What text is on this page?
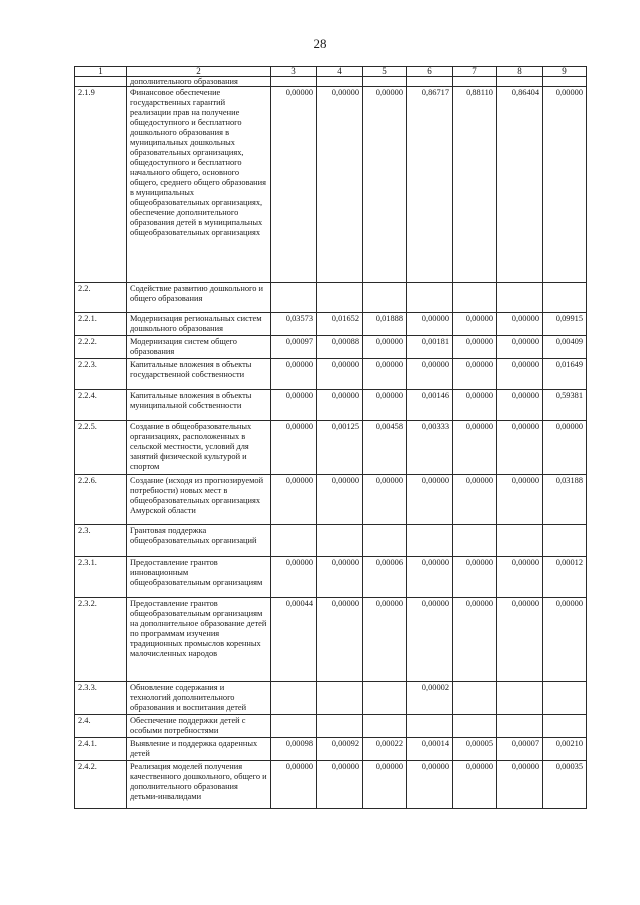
28
1	2	3	4	5	6	7	8	9
	дополнительного образования							
2.1.9	Финансовое обеспечение государственных гарантий реализации прав на получение общедоступного и бесплатного дошкольного образования в муниципальных дошкольных образовательных организациях, общедоступного и бесплатного начального общего, основного общего, среднего общего образования в муниципальных общеобразовательных организациях, обеспечение дополнительного образования детей в муниципальных общеобразовательных организациях	0,00000	0,00000	0,00000	0,86717	0,88110	0,86404	0,00000
2.2.	Содействие развитию дошкольного и общего образования							
2.2.1.	Модернизация региональных систем дошкольного образования	0,03573	0,01652	0,01888	0,00000	0,00000	0,00000	0,09915
2.2.2.	Модернизация систем общего образования	0,00097	0,00088	0,00000	0,00181	0,00000	0,00000	0,00409
2.2.3.	Капитальные вложения в объекты государственной собственности	0,00000	0,00000	0,00000	0,00000	0,00000	0,00000	0,01649
2.2.4.	Капитальные вложения в объекты муниципальной собственности	0,00000	0,00000	0,00000	0,00146	0,00000	0,00000	0,59381
2.2.5.	Создание в общеобразовательных организациях, расположенных в сельской местности, условий для занятий физической культурой и спортом	0,00000	0,00125	0,00458	0,00333	0,00000	0,00000	0,00000
2.2.6.	Создание (исходя из прогнозируемой потребности) новых мест в общеобразовательных организациях Амурской области	0,00000	0,00000	0,00000	0,00000	0,00000	0,00000	0,03188
2.3.	Грантовая поддержка общеобразовательных организаций							
2.3.1.	Предоставление грантов инновационным общеобразовательным организациям	0,00000	0,00000	0,00006	0,00000	0,00000	0,00000	0,00012
2.3.2.	Предоставление грантов общеобразовательным организациям на дополнительное образование детей по программам изучения традиционных промыслов коренных малочисленных народов	0,00044	0,00000	0,00000	0,00000	0,00000	0,00000	0,00000
2.3.3.	Обновление содержания и технологий дополнительного образования и воспитания детей				0,00002			
2.4.	Обеспечение поддержки детей с особыми потребностями							
2.4.1.	Выявление и поддержка одаренных детей	0,00098	0,00092	0,00022	0,00014	0,00005	0,00007	0,00210
2.4.2.	Реализация моделей получения качественного дошкольного, общего и дополнительного образования детьми-инвалидами	0,00000	0,00000	0,00000	0,00000	0,00000	0,00000	0,00035
